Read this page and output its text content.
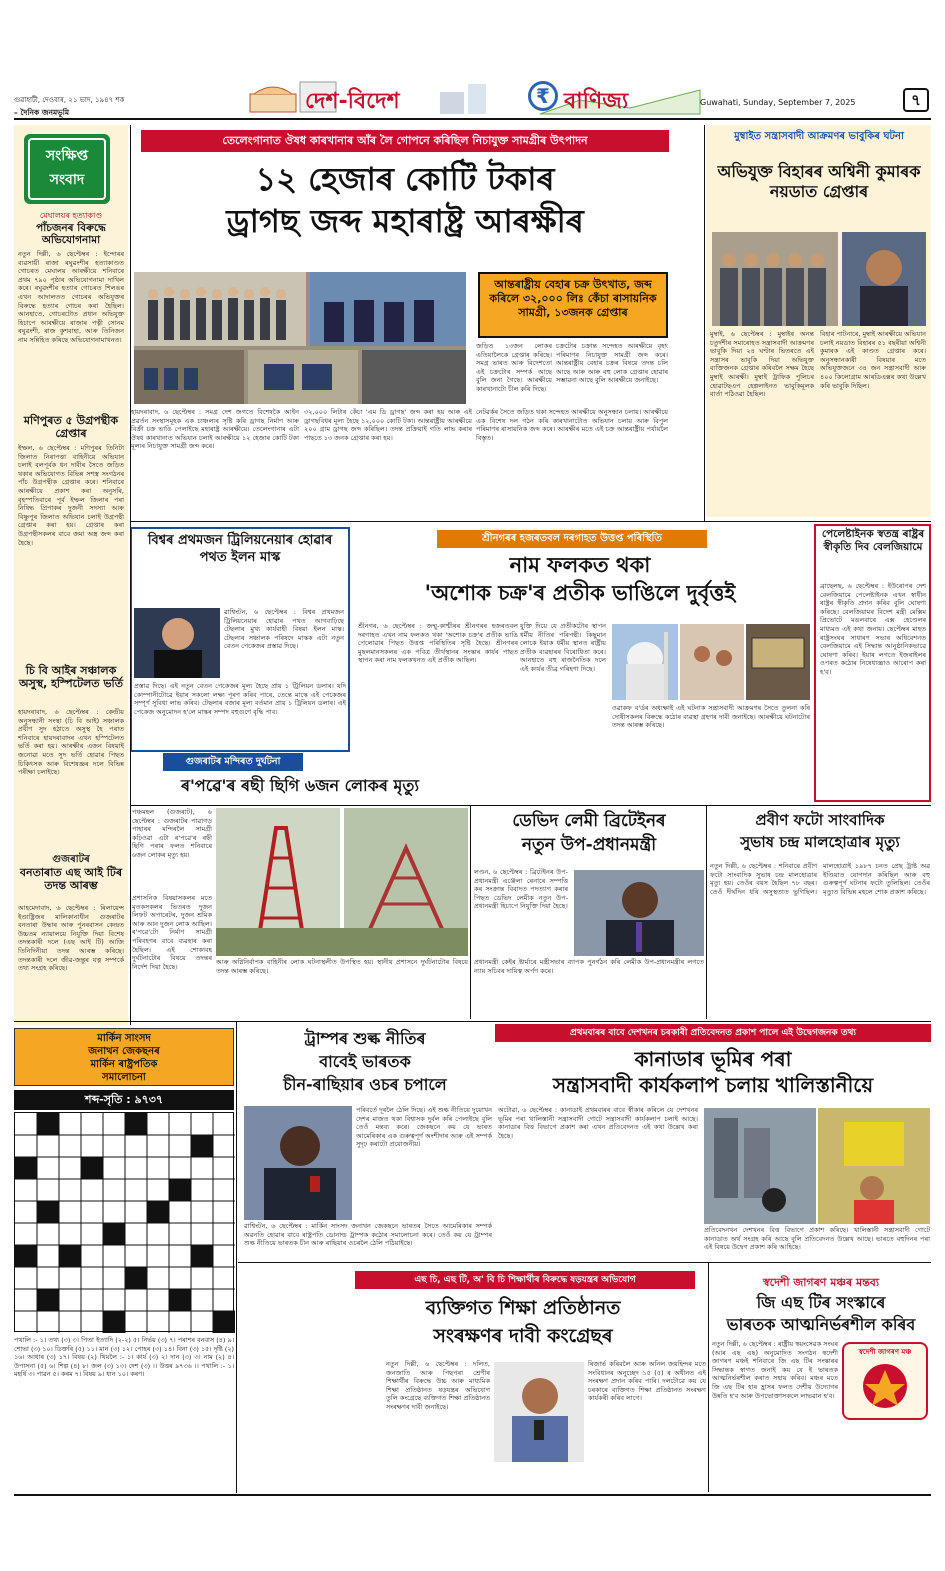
গুৱাহাটী, দেওবাৰ, ২১ ভাদ, ১৯৪৭ শক
– দৈনিক জনমভূমি	দেশ-বিদেশ	₹ বাণিজ্য	Guwahati, Sunday, September 7, 2025	৭
সংক্ষিপ্ত
সংবাদ
মেঘালয়ৰ হত্যাকাণ্ড
পাঁচজনৰ বিৰুদ্ধে অভিযোগনামা
নতুন দিল্লী, ৬ ছেপ্টেম্বৰ : ইন্দোৰৰ ব্যৱসায়ী ৰাজা ৰঘুৱংশীৰ হত্যাকাণ্ডত গোচৰত মেঘালয় আৰক্ষীয়ে শনিবাৰে প্ৰথম ৭৯০ পৃষ্ঠাৰ অভিযোগনামা দাখিল কৰে। ৰঘুৱংশীৰ হত্যাৰ গোচৰত শিলঙৰ এখন আদালতত গোচৰৰ অভিযুক্তৰ বিৰুদ্ধে হত্যাৰ গোচৰ কৰা হৈছিল। আনহাতে, গোচৰটোত প্ৰধান অভিযুক্ত হিচাপে আৰক্ষীয়ে ৰাজাৰ পত্নী সোনম ৰঘুৱংশী, ৰাজ কুশবাহা, আৰু তিনিজন নাম সন্নিহিত কৰিছে অভিযোগনামাখনত।
মণিপুৰত ৫ উগ্ৰপন্থীক গ্ৰেপ্তাৰ
ইম্ফল, ৬ ছেপ্টেম্বৰ : মণিপুৰৰ তিনিটা জিলাত নিৰাপত্তা বাহিনীয়ে অভিযান চলাই বলপূৰ্বক ধন দাবীৰ সৈতে জড়িত থকাৰ অভিযোগত বিভিন্ন সশস্ত্ৰ সংগঠনৰ পাঁচ উগ্ৰপন্থীক গ্ৰেপ্তাৰ কৰে। শনিবাৰে আৰক্ষীয়ে প্ৰকাশ কৰা অনুসৰি, বৃহস্পতিবাৰে পূৰ্ব ইম্ফল জিলাৰ পৰা নিষিদ্ধ প্ৰিপাকৰ দুজনী সদস্যা আৰু বিষ্ণুপুৰ জিলাত অভিযান চলাই উগ্ৰপন্থী গ্ৰেপ্তাৰ কৰা হয়। গ্ৰেপ্তাৰ কৰা উগ্ৰপন্থীসকলৰ বাবে জমা অস্ত্ৰ জব্দ কৰা হৈছে।
চি বি আইৰ সঞ্চালক অসুস্থ, হস্পিটেলত ভৰ্তি
হায়দৰাবাদ, ৬ ছেপ্টেম্বৰ : কেন্দ্ৰীয় অনুসন্ধানী সংস্থা (চি বি আই) সঞ্চালক প্ৰবীণ সুদ হঠাতে অসুস্থ হৈ পৰাত শনিবাৰে হায়দৰাবাদৰ এখন হস্পিটেলত ভৰ্তি কৰা হয়। আৰক্ষীৰ এজন বিষয়াই জনোৱা মতে সুদ ভৰ্তি হোৱাৰ পিছত চিকিৎসক আৰু বিশেষজ্ঞৰ দলে বিভিন্ন পৰীক্ষা চলাইছে।
গুজৰাটৰ
বনতাৰাত এছ আই টিৰ তদন্ত আৰম্ভ
আহমেদাবাদ, ৬ ছেপ্টেম্বৰ : ৰিলায়েন্স ইণ্ডাষ্ট্ৰিজৰ মালিকানাধীন গুজৰাটৰ বনতাৰা উদ্ধাৰ আৰু পুনৰবাসন কেন্দ্ৰত উচ্চতম ন্যায়ালয়ে নিযুক্তি দিয়া বিশেষ তদন্তকাৰী দলে (এছ আই টি) আজি তিনিদিনীয়া তদন্ত আৰম্ভ কৰিছে। তদন্তকাৰী দলে জীৱ-জন্তুৰ যত্ন সম্পৰ্কে তথ্য সংগ্ৰহ কৰিছে।
তেলেংগানাত ঔষধ কাৰখানাৰ আঁৰ লৈ গোপনে কৰিছিল নিচাযুক্ত সামগ্ৰীৰ উৎপাদন
১২ হেজাৰ কোটি টকাৰ
ড্ৰাগছ জব্দ মহাৰাষ্ট্ৰ আৰক্ষীৰ
আন্তৰাষ্ট্ৰীয় বেহাৰ চক্ৰ উৎখাত, জব্দ কৰিলে ৩২,০০০ লিঃ কেঁচা ৰাসায়নিক সামগ্ৰী, ১৩জনক গ্ৰেপ্তাৰ
জড়িত ১৩জন লোকৰ এতিয়ালৈকে গ্ৰেপ্তাৰ কৰিছে। সমগ্ৰ ভাৰত আৰু বিদেশতো এই চক্ৰটোৰ সম্পৰ্ক আছে বুলি জনা গৈছে। আৰক্ষীয়ে কাৰখানাটো চীল কৰি দিছে।
চক্ৰটোৰ চক্ৰান্ত সন্দেহত আৰক্ষীয়ে বৃহৎ পৰিমাণৰ নিচাযুক্ত সামগ্ৰী জব্দ কৰে। আন্তৰাষ্ট্ৰীয় বেহাৰ চক্ৰৰ বিষয়ে তদন্ত চলি আছে আৰু আৰু বহু লোক গ্ৰেপ্তাৰ হোৱাৰ সম্ভাৱনা আছে বুলি আৰক্ষীয়ে জনাইছে।
হায়দৰাবাদ, ৬ ছেপ্টেম্বৰ : সমগ্ৰ দেশ জগতে বিশেষকৈ আইন প্ৰৱৰ্তন সংস্থাসমূহক এক চাঞ্চল্যৰ সৃষ্টি কৰি ড্ৰাগছ নিৰ্মাণ আৰু বিক্ৰী চক্ৰ ভাঙি পেলাইছে মহাৰাষ্ট্ৰ আৰক্ষীয়ে। তেলেংগানাৰ এটা ঔষধ কাৰখানাত অভিযান চলাই আৰক্ষীয়ে ১২ হেজাৰ কোটি টকা মূল্যৰ নিচাযুক্ত সামগ্ৰী জব্দ কৰে।
৩২,০০০ লিটাৰ কেঁচা 'এম ডি ড্ৰাগছ' জব্দ কৰা হয় আৰু এই ড্ৰাগছবিধৰ মূল্য হৈছে ১২,০০০ কোটি টকা। আন্তৰাষ্ট্ৰীয় আৰক্ষীয়ে ২০০ গ্ৰাম ড্ৰাগছ জব্দ কৰিছিল। তদন্ত প্ৰক্ৰিয়াই গতি লাভ কৰাৰ পাছতে ১৩ জনক গ্ৰেপ্তাৰ কৰা হয়।
নেটৱৰ্কৰ সৈতে জড়িত থকা সন্দেহত আৰক্ষীয়ে অনুসন্ধান চলায়। আৰক্ষীয়ে এক বিশেষ দল গঠন কৰি কাৰখানাটোত অভিযান চলায় আৰু বিপুল পৰিমাণৰ ৰাসায়নিক জব্দ কৰে। আৰক্ষীৰ মতে এই চক্ৰ আন্তৰাষ্ট্ৰীয় পৰ্যায়লৈ বিস্তৃত।
মুম্বাইত সন্ত্ৰাসবাদী আক্ৰমণৰ ভাবুকিৰ ঘটনা
অভিযুক্ত বিহাৰৰ অশ্বিনী কুমাৰক নয়ডাত গ্ৰেপ্তাৰ
মুম্বাই, ৬ ছেপ্টেম্বৰ : মুম্বাইৰ অনন্ত চতুৰ্দশীৰ সমাৰোহত সন্ত্ৰাসবাদী আক্ৰমণৰ ভাবুকি দিয়া ২৪ ঘণ্টাৰ ভিতৰতে এই সন্ত্ৰাসৰ ভাবুকি দিয়া অভিযুক্ত ব্যক্তিজনক গ্ৰেপ্তাৰ কৰিবলৈ সক্ষম হৈছে মুম্বাই আৰক্ষী। মুম্বাই ট্ৰাফিক পুলিচৰ হোৱাটছএপ হেল্পলাইনত ভাবুকিমূলক বাৰ্তা পঠিওৱা হৈছিল।
বিহাৰ পাটনাৰে, মুম্বাই আৰক্ষীয়ে অভিযান চলাই নয়ডাত বিহাৰৰ ৫১ বছৰীয়া অশ্বিনী কুমাৰক এই কাণ্ডত গ্ৰেপ্তাৰ কৰে। অনুসন্ধানকাৰী বিষয়াৰ মতে অভিযুক্তজনে ৩৪ জন সন্ত্ৰাসবাদী আৰু ৪০০ কিলোগ্ৰাম আৰডিএক্সৰ কথা উল্লেখ কৰি ভাবুকি দিছিল।
বিশ্বৰ প্ৰথমজন ট্ৰিলিয়নেয়াৰ হোৱাৰ পথত ইলন মাস্ক
ৱাশ্বিংটন, ৬ ছেপ্টেম্বৰ : বিশ্বৰ প্ৰথমজন ট্ৰিলিয়নেয়াৰ হোৱাৰ পথত আগবাঢ়িছে টেছলাৰ মুখ্য কাৰ্যবাহী বিষয়া ইলন মাস্ক। টেছলাৰ সঞ্চালক পৰিষদে মাস্কক এটা নতুন বেতন পেকেজৰ প্ৰস্তাৱ দিছে।
প্ৰস্তাৱ দিছে। এই নতুন বেতন পেকেজৰ মূল্য হৈছে প্ৰায় ১ ট্ৰিলিয়ন ডলাৰ। যদি কোম্পানীটোৱে ইয়াৰ সকলো লক্ষ্য পূৰণ কৰিব পাৰে, তেন্তে মাস্কে এই পেকেজৰ সম্পূৰ্ণ সুবিধা লাভ কৰিব। টেছলাৰ বজাৰ মূল্য বৰ্তমান প্ৰায় ১ ট্ৰিলিয়ন ডলাৰ। এই পেকেজ অনুমোদন হ'লে মাস্কৰ সম্পদ বহুগুণে বৃদ্ধি পাব।
শ্ৰীনগৰৰ হজৰতবল দৰগাহত উত্তপ্ত পৰিস্থিতি
নাম ফলকত থকা
'অশোক চক্ৰ'ৰ প্ৰতীক ভাঙিলে দুৰ্বৃত্তই
শ্ৰীনগৰ, ৬ ছেপ্টেম্বৰ : জম্মু-কাশ্মীৰৰ শ্ৰীনগৰৰ হজৰতবল দৰগাহত এখন নাম ফলকত থকা 'অশোক চক্ৰ'ৰ প্ৰতীক ভাঙি পেলোৱাৰ পিছত উত্তপ্ত পৰিস্থিতিৰ সৃষ্টি হৈছে। শ্ৰীনগৰৰ মুছলমানসকলৰ এক পবিত্ৰ তীৰ্থস্থানৰ সংস্কাৰ কাৰ্যৰ পাছত স্থাপন কৰা নাম ফলকখনত এই প্ৰতীক আছিল।
যুক্তি দিয়ে যে প্ৰতীকটোৰ স্থাপন ধৰ্মীয় নীতিৰ পৰিপন্থী। কিছুমান লোকে ইয়াক ধৰ্মীয় স্থানত ৰাষ্ট্ৰীয় প্ৰতীক ব্যৱহাৰৰ বিৰোধিতা কৰে। আনহাতে বহু ৰাজনৈতিক দলে এই কাৰ্যৰ তীব্ৰ গৰিহণা দিছে।
ওৱাকফ ব'ৰ্ডৰ অধ্যক্ষাই এই ঘটনাক সন্ত্ৰাসবাদী আক্ৰমণৰ সৈতে তুলনা কৰি দোষীসকলৰ বিৰুদ্ধে কঠোৰ ব্যৱস্থা গ্ৰহণৰ দাবী জনাইছে। আৰক্ষীয়ে ঘটনাটোৰ তদন্ত আৰম্ভ কৰিছে।
পেলেষ্টাইনক স্বতন্ত্ৰ ৰাষ্ট্ৰৰ স্বীকৃতি দিব বেলজিয়ামে
ব্ৰাছেলছ, ৬ ছেপ্টেম্বৰ : ইউৰোপৰ দেশ বেলজিয়ামে পেলেষ্টাইনক এখন স্বাধীন ৰাষ্ট্ৰৰ স্বীকৃতি প্ৰদান কৰিব বুলি ঘোষণা কৰিছে। বেলজিয়ামৰ বিদেশ মন্ত্ৰী মেক্সিম প্ৰিভোটে মঙলবাৰে এক্স হেণ্ডেলৰ মাধ্যমত এই কথা জনায়। ছেপ্টেম্বৰ মাহত ৰাষ্ট্ৰসংঘৰ সাধাৰণ সভাৰ অধিবেশনত বেলজিয়ামে এই সিদ্ধান্ত আনুষ্ঠানিকভাৱে ঘোষণা কৰিব। ইয়াৰ লগতে ইজৰাইলৰ ওপৰত কঠোৰ নিষেধাজ্ঞাও আৰোপ কৰা হ'ব।
গুজৰাটৰ মন্দিৰত দুৰ্ঘটনা
ৰ'পৱে'ৰ ৰছী ছিগি ৬জন লোকৰ মৃত্যু
পঞ্চমহল (গুজৰাট), ৬ ছেপ্টেম্বৰ : গুজৰাটৰ পাৱাগড় পাহাৰৰ মন্দিৰলৈ সামগ্ৰী কঢ়িওৱা এটা ৰ'পৱে'ৰ ৰছী ছিগি পৰাৰ ফলত শনিবাৰে ৬জন লোকৰ মৃত্যু হয়।
প্ৰশাসনিক বিষয়াসকলৰ মতে মৃতকসকলৰ ভিতৰত দুজন লিফট অপাৰেটৰ, দুজন শ্ৰমিক আৰু আন দুজন লোক আছিল। ৰ'পৱে'টো নিৰ্মাণ সামগ্ৰী পৰিবহণৰ বাবে ব্যৱহাৰ কৰা হৈছিল। এই শোকাবহ দুৰ্ঘটনাটোৰ বিষয়ে তদন্তৰ নিৰ্দেশ দিয়া হৈছে।
আৰু অগ্নিনিৰ্বাপক বাহিনীৰ লোক ঘটনাস্থলীত উপস্থিত হয়। স্থানীয় প্ৰশাসনে দুৰ্ঘটনাটোৰ বিষয়ে তদন্ত আৰম্ভ কৰিছে।
ডেভিদ লেমী ব্ৰিটেইনৰ
নতুন উপ-প্ৰধানমন্ত্ৰী
লণ্ডন, ৬ ছেপ্টেম্বৰ : ব্ৰিটেইনৰ উপ-প্ৰধানমন্ত্ৰী এঞ্জেলা ৰেনাৰে সম্পত্তি কৰ সংক্ৰান্ত বিবাদত পদত্যাগ কৰাৰ পিছত ডেভিদ লেমীক নতুন উপ-প্ৰধানমন্ত্ৰী হিচাপে নিযুক্তি দিয়া হৈছে।
প্ৰধানমন্ত্ৰী কেইৰ ষ্টাৰ্মাৰে মন্ত্ৰীসভাৰ ব্যাপক পুনৰ্গঠন কৰি লেমীক উপ-প্ৰধানমন্ত্ৰীৰ লগতে ন্যায় সচিবৰ দায়িত্ব অৰ্পণ কৰে।
প্ৰবীণ ফটো সাংবাদিক
সুভাষ চন্দ্ৰ মালহোত্ৰাৰ মৃত্যু
নতুন দিল্লী, ৬ ছেপ্টেম্বৰ : শনিবাৰে প্ৰবীণ ফটো সাংবাদিক সুভাষ চন্দ্ৰ মালহোত্ৰাৰ মৃত্যু হয়। তেওঁৰ বয়স হৈছিল ৭৮ বছৰ। তেওঁ দীৰ্ঘদিন ধৰি অসুস্থতাত ভুগিছিল। মালহোত্ৰাই ১৯৮৭ চনত প্ৰেছ ট্ৰাষ্ট অৱ ইণ্ডিয়াত যোগদান কৰিছিল আৰু বহু গুৰুত্বপূৰ্ণ ঘটনাৰ ফটো তুলিছিল। তেওঁৰ মৃত্যুত বিভিন্ন মহলে শোক প্ৰকাশ কৰিছে।
মাৰ্কিন সাংসদ
জনাথন জেকছনৰ
মাৰ্কিন ৰাষ্ট্ৰপতিক
সমালোচনা
ট্ৰাম্পৰ শুল্ক নীতিৰ
বাবেই ভাৰতক
চীন-ৰাছিয়াৰ ওচৰ চপালে
পৰিবৰ্তে দূৰলৈ ঠেলি দিছে। এই শুল্ক নীতিয়ে দুয়োখন দেশৰ মাজত থকা বিশ্বাসক দুৰ্বল কৰি পেলাইছে বুলি তেওঁ মন্তব্য কৰে। জেকছনে কয় যে ভাৰত আমেৰিকাৰ এক গুৰুত্বপূৰ্ণ অংশীদাৰ আৰু এই সম্পৰ্ক সুদৃঢ় কৰাটো প্ৰয়োজনীয়।
ৱাশ্বিংটন, ৬ ছেপ্টেম্বৰ : মাৰ্কিন সাংসদ জনাথন জেকছনে ভাৰতৰ সৈতে আমেৰিকাৰ সম্পৰ্ক অৱনতি হোৱাৰ বাবে ৰাষ্ট্ৰপতি ডোনাল্ড ট্ৰাম্পক কঠোৰ সমালোচনা কৰে। তেওঁ কয় যে ট্ৰাম্পৰ শুল্ক নীতিয়ে ভাৰতক চীন আৰু ৰাছিয়াৰ ওচৰলৈ ঠেলি পঠিয়াইছে।
প্ৰথমবাৰৰ বাবে দেশখনৰ চৰকাৰী প্ৰতিবেদনত প্ৰকাশ পালে এই উদ্বেগজনক তথ্য
কানাডাৰ ভূমিৰ পৰা
সন্ত্ৰাসবাদী কাৰ্যকলাপ চলায় খালিস্তানীয়ে
অটোৱা, ৬ ছেপ্টেম্বৰ : কানাডাই প্ৰথমবাৰৰ বাবে স্বীকাৰ কৰিলে যে দেশখনৰ ভূমিৰ পৰা খালিস্তানী সন্ত্ৰাসবাদী গোটে সন্ত্ৰাসবাদী কাৰ্যকলাপ চলাই আছে। কানাডাৰ বিত্ত বিভাগে প্ৰকাশ কৰা এখন প্ৰতিবেদনত এই কথা উল্লেখ কৰা হৈছে।
প্ৰতিবেদনখন দেশখনৰ বিত্ত বিভাগে প্ৰকাশ কৰিছে। খালিস্তানী সন্ত্ৰাসবাদী গোটে কানাডাত অৰ্থ সংগ্ৰহ কৰি আছে বুলি প্ৰতিবেদনত উল্লেখ আছে। ভাৰতে বহুদিনৰ পৰা এই বিষয়ে উদ্বেগ প্ৰকাশ কৰি আহিছে।
শব্দ-সৃতি : ৯৭৩৭
পথালি :- ১। তথ্য (৩) ৩। পিতা ইত্যাদি (২-২) ৫। নিৰ্ভয় (৩) ৭। পৰাশৰ বনবাস (৪) ৯। শোভা (৩) ১০। ডিক্তৰি (৫) ১১। মান (৩) ১২। পোহৰ (৩) ১৪। বিনা (৩) ১৫। দৃষ্টি (২) ১৬। আধাৰ (৩) ১৭। বিষয় (২) থিয়লৈ :- ১। কাৰ্য (৩) ২। দান (৩) ৩। নাম (২) ৪। উপাসনা (৫) ৬। শিল্প (৪) ৮। জল (৩) ১৩। দেশ (৩) ।। উত্তৰ ৯৭৩৬ ।। পথালি :- ১। মহৰ্ষি ৩। পাৱন ৫। কৰম ৭। বিষয় ৯। ধান ১০। কৰণ।
এছ চি, এছ টি, অ' বি চি শিক্ষাৰ্থীৰ বিৰুদ্ধে ষড়যন্ত্ৰৰ অভিযোগ
ব্যক্তিগত শিক্ষা প্ৰতিষ্ঠানত
সংৰক্ষণৰ দাবী কংগ্ৰেছৰ
নতুন দিল্লী, ৬ ছেপ্টেম্বৰ : দলিত, জনজাতি আৰু পিছপৰা শ্ৰেণীৰ শিক্ষাৰ্থীৰ বিৰুদ্ধে উচ্চ আৰু মাধ্যমিক শিক্ষা প্ৰতিষ্ঠানত ষড়যন্ত্ৰৰ অভিযোগ তুলি কংগ্ৰেছে ব্যক্তিগত শিক্ষা প্ৰতিষ্ঠানত সংৰক্ষণৰ দাবী জনাইছে।
ৰিজাৰ্ভ কৰিবলৈ আৰু অনিল জয়হিন্দৰ মতে সংবিধানৰ অনুচ্ছেদ ১৫ (৫) ৰ অধীনত এই সংৰক্ষণ প্ৰদান কৰিব পাৰি। দলটোৱে কয় যে চৰকাৰে ব্যক্তিগত শিক্ষা প্ৰতিষ্ঠানত সংৰক্ষণ কাৰ্যকৰী কৰিব লাগে।
স্বদেশী জাগৰণ মঞ্চৰ মন্তব্য
জি এছ টিৰ সংস্কাৰে
ভাৰতক আত্মনিৰ্ভৰশীল কৰিব
নতুন দিল্লী, ৬ ছেপ্টেম্বৰ : ৰাষ্ট্ৰীয় স্বয়ংসেৱক সংঘৰ (আৰ এছ এছ) অনুমোদিত সংগঠন স্বদেশী জাগৰণ মঞ্চই শনিবাৰে জি এছ টিৰ সংস্কাৰৰ সিদ্ধান্তক স্বাগত জনাই কয় যে ই ভাৰতক আত্মনিৰ্ভৰশীল কৰাত সহায় কৰিব। মঞ্চৰ মতে জি এছ টিৰ হাৰ হ্ৰাসৰ ফলত দেশীয় উদ্যোগৰ উন্নতি হ'ব আৰু উপভোক্তাসকলে লাভৱান হ'ব।
স্বদেশী জাগৰণ মঞ্চ
